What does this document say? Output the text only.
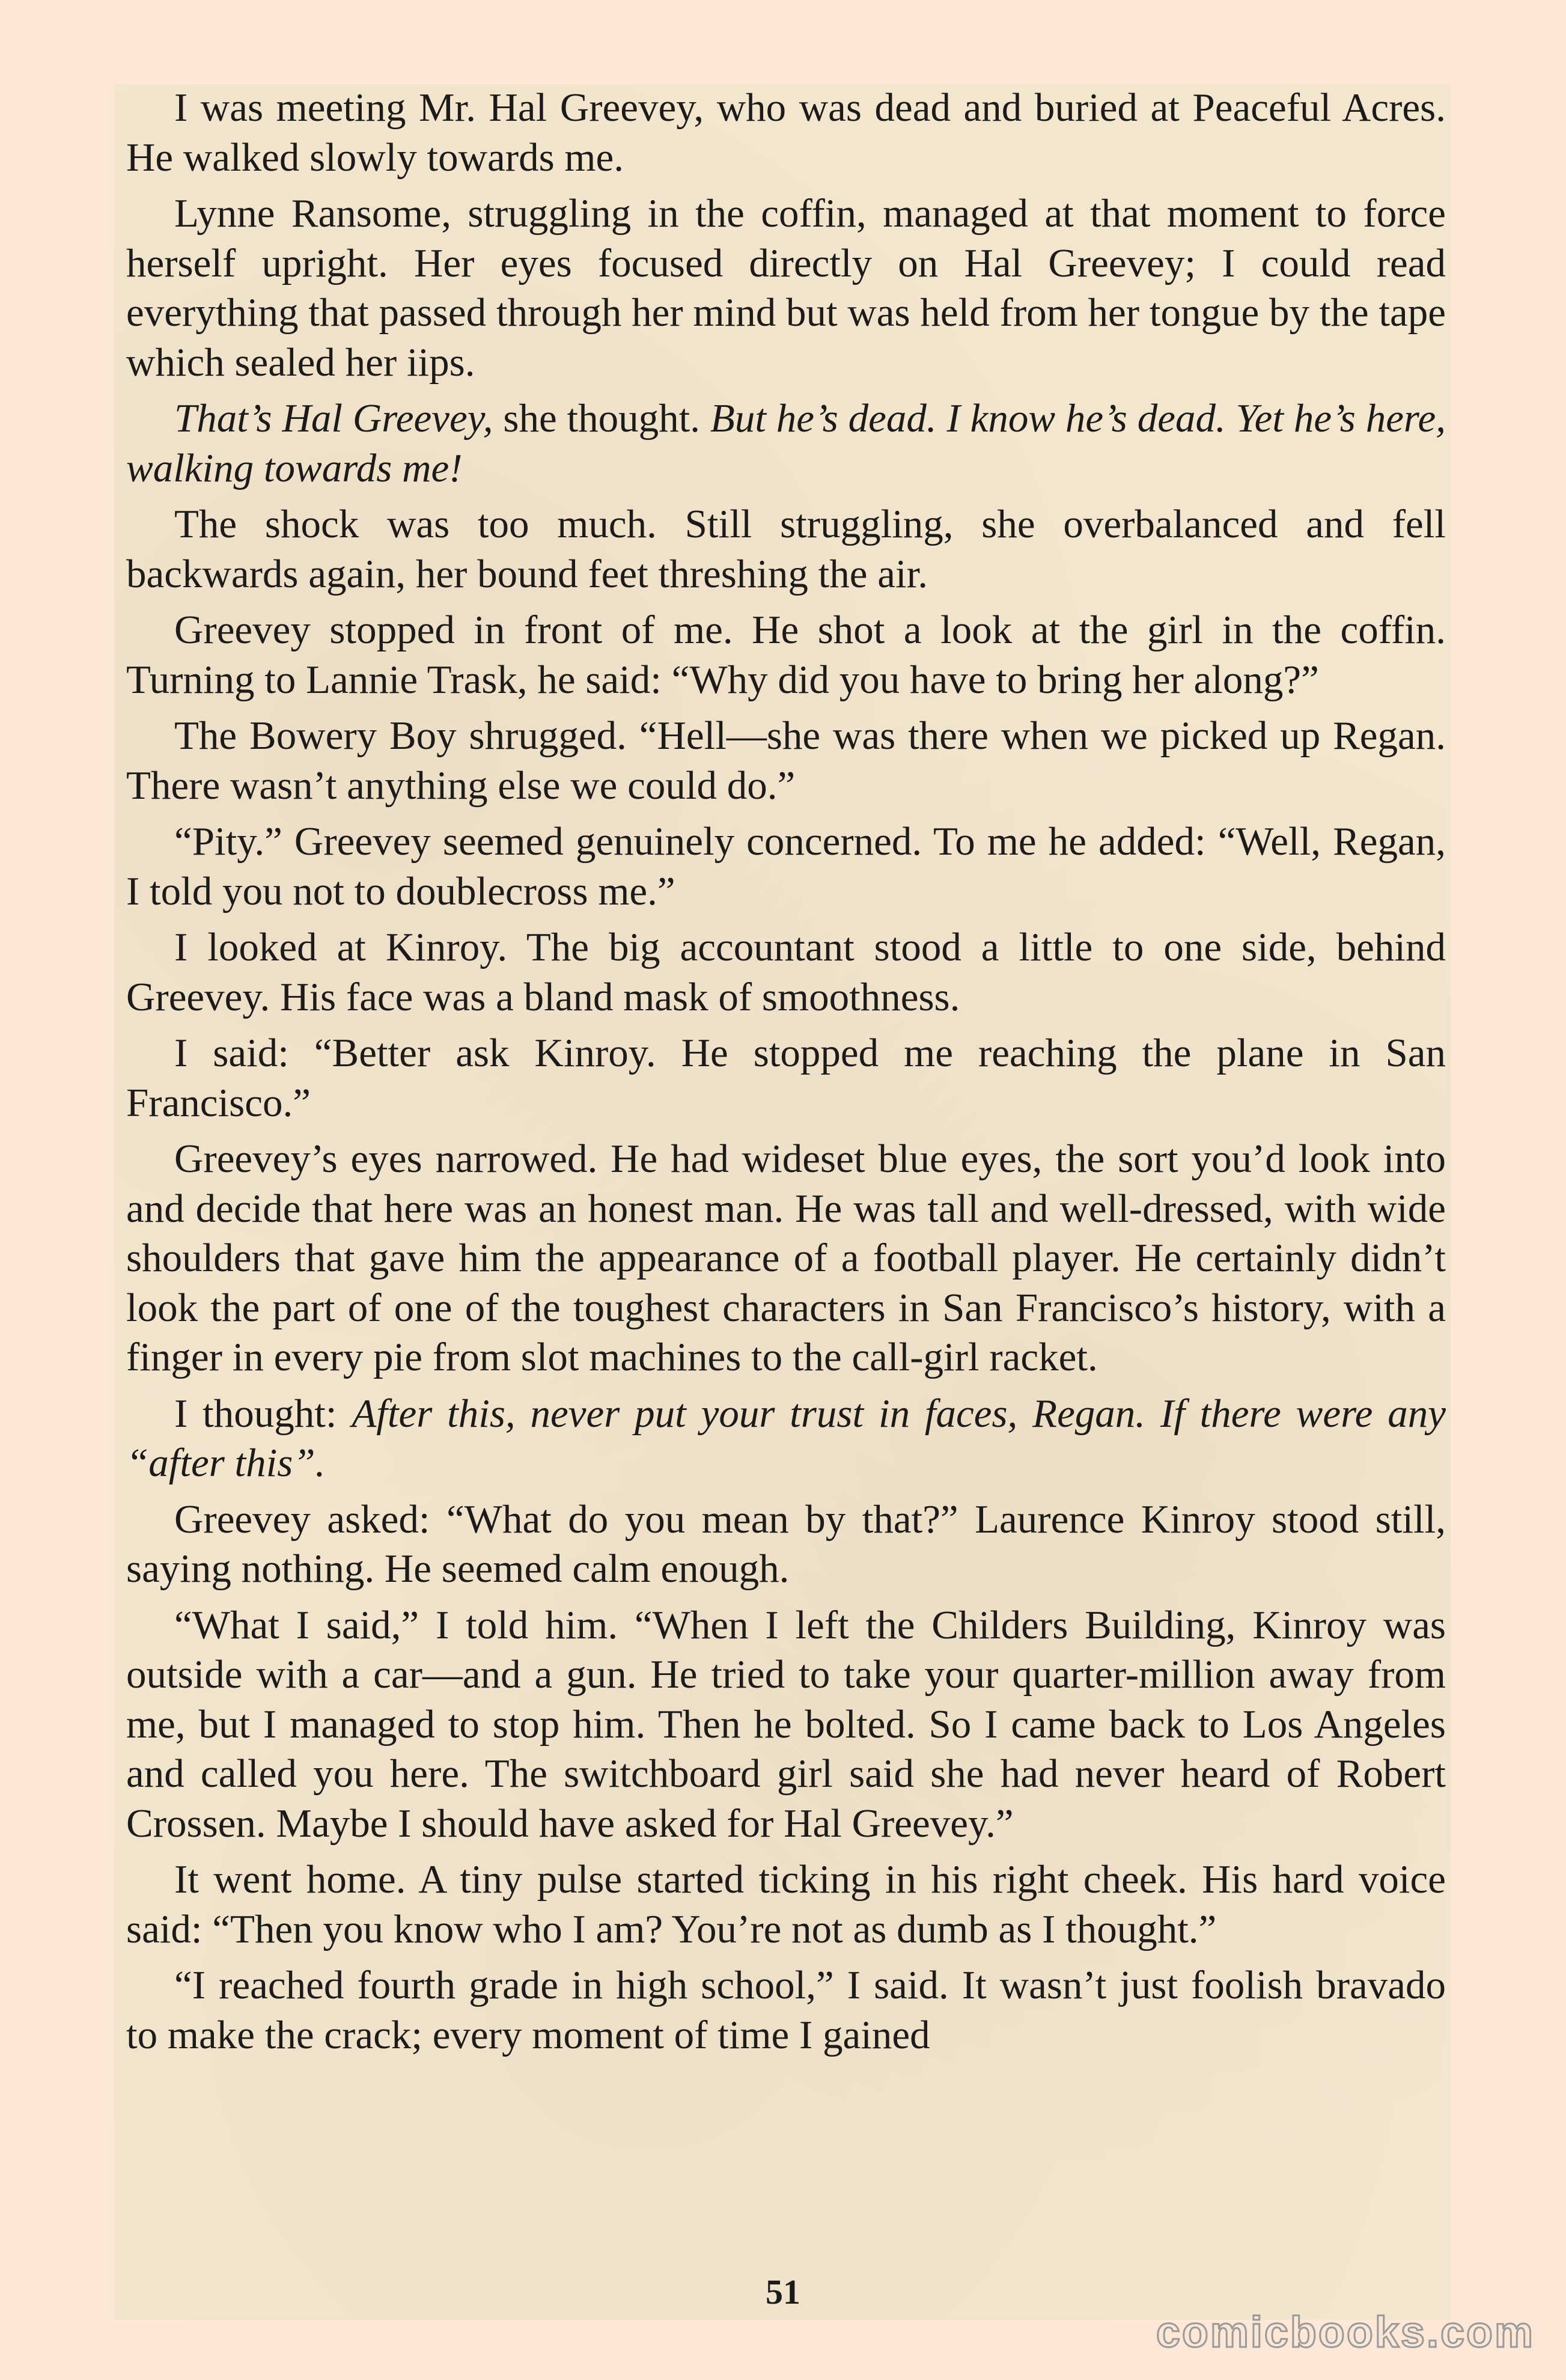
I was meeting Mr. Hal Greevey, who was dead and buried at Peaceful Acres. He walked slowly towards me.

Lynne Ransome, struggling in the coffin, managed at that moment to force herself upright. Her eyes focused directly on Hal Greevey; I could read everything that passed through her mind but was held from her tongue by the tape which sealed her iips.

That’s Hal Greevey, she thought. But he’s dead. I know he’s dead. Yet he’s here, walking towards me!

The shock was too much. Still struggling, she overbalanced and fell backwards again, her bound feet threshing the air.

Greevey stopped in front of me. He shot a look at the girl in the coffin. Turning to Lannie Trask, he said: “Why did you have to bring her along?”

The Bowery Boy shrugged. “Hell—she was there when we picked up Regan. There wasn’t anything else we could do.”

“Pity.” Greevey seemed genuinely concerned. To me he added: “Well, Regan, I told you not to doublecross me.”

I looked at Kinroy. The big accountant stood a little to one side, behind Greevey. His face was a bland mask of smoothness.

I said: “Better ask Kinroy. He stopped me reaching the plane in San Francisco.”

Greevey’s eyes narrowed. He had wideset blue eyes, the sort you’d look into and decide that here was an honest man. He was tall and well-dressed, with wide shoulders that gave him the appearance of a football player. He certainly didn’t look the part of one of the toughest characters in San Francisco’s history, with a finger in every pie from slot machines to the call-girl racket.

I thought: After this, never put your trust in faces, Regan. If there were any “after this”.

Greevey asked: “What do you mean by that?” Laurence Kinroy stood still, saying nothing. He seemed calm enough.

“What I said,” I told him. “When I left the Childers Building, Kinroy was outside with a car—and a gun. He tried to take your quarter-million away from me, but I managed to stop him. Then he bolted. So I came back to Los Angeles and called you here. The switchboard girl said she had never heard of Robert Crossen. Maybe I should have asked for Hal Greevey.”

It went home. A tiny pulse started ticking in his right cheek. His hard voice said: “Then you know who I am? You’re not as dumb as I thought.”

“I reached fourth grade in high school,” I said. It wasn’t just foolish bravado to make the crack; every moment of time I gained

51
comicbooks.com
